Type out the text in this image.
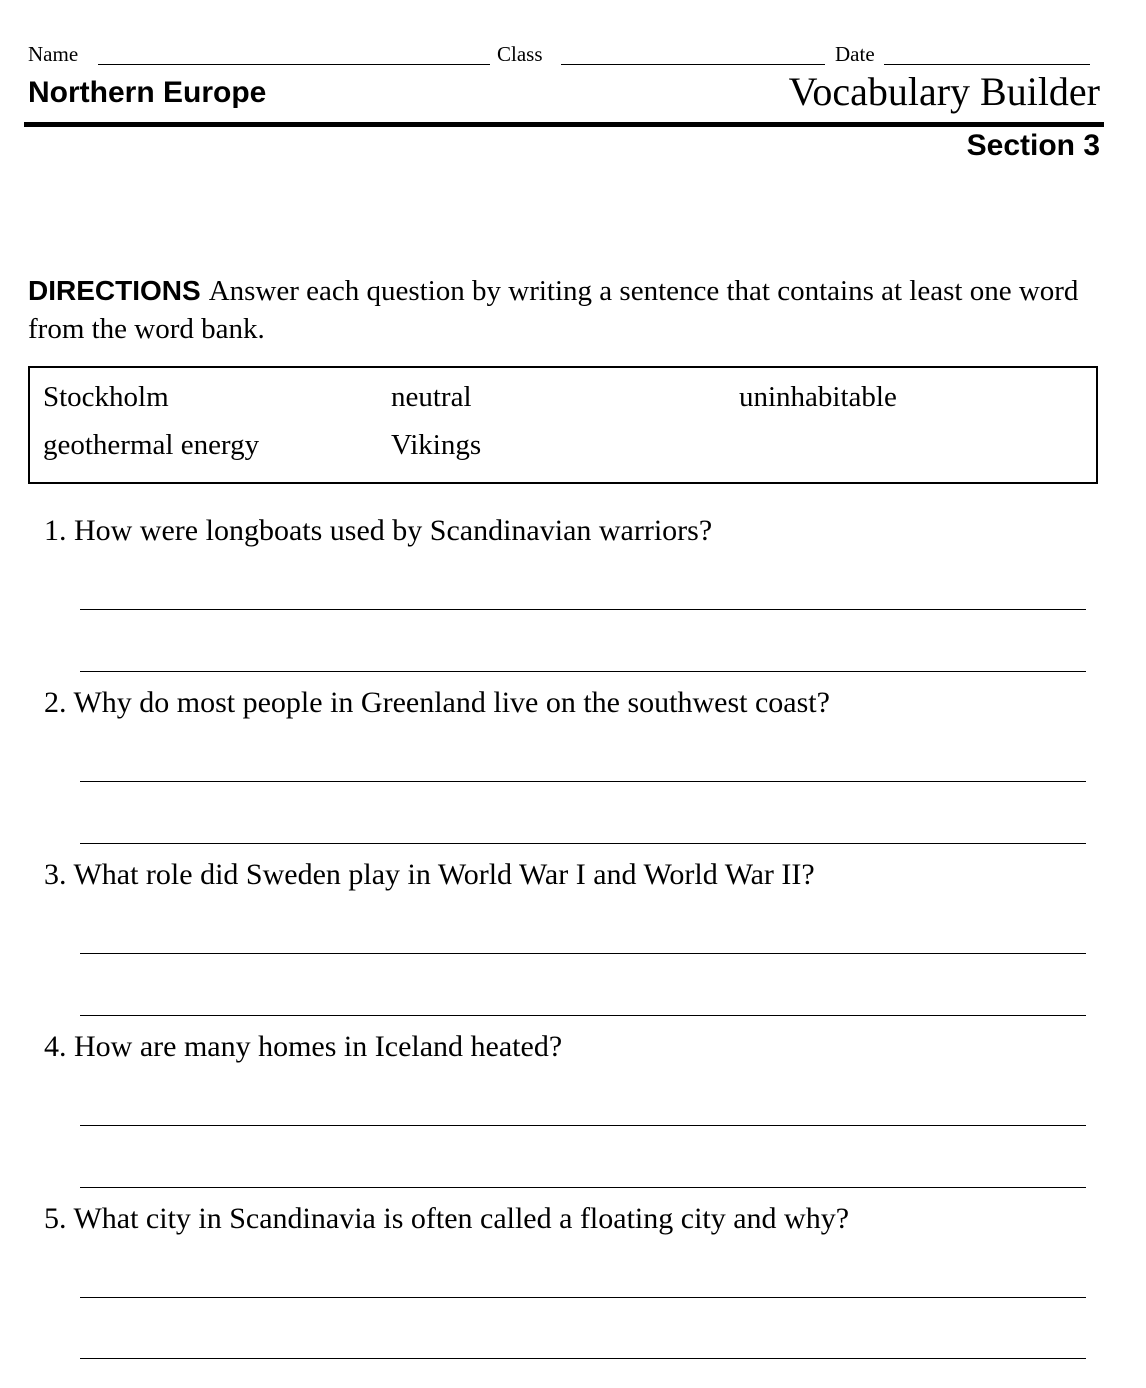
Name	Class	Date
Northern Europe	Vocabulary Builder
Section 3
DIRECTIONS Answer each question by writing a sentence that contains at least one word from the word bank.
Stockholm	neutral	uninhabitable
geothermal energy	Vikings
1. How were longboats used by Scandinavian warriors?
2. Why do most people in Greenland live on the southwest coast?
3. What role did Sweden play in World War I and World War II?
4. How are many homes in Iceland heated?
5. What city in Scandinavia is often called a floating city and why?
